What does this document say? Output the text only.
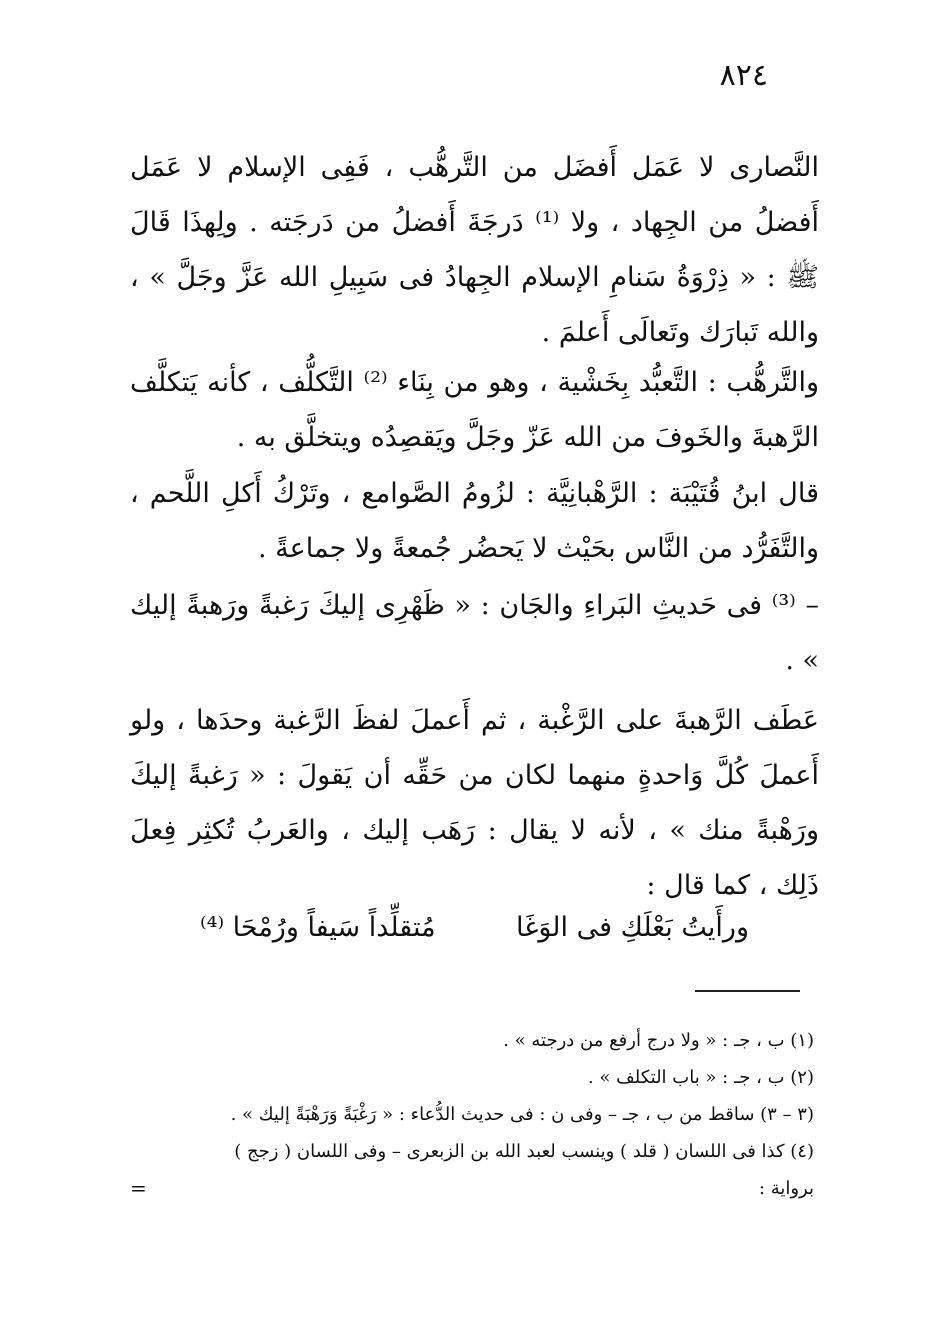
٨٢٤
النَّصارى لا عَمَل أَفضَل من التَّرهُّب ، فَفِى الإسلام لا عَمَل أَفضلُ من الجِهاد ، ولا ⁽¹⁾ دَرجَةَ أَفضلُ من دَرجَته . ولِهذَا قَالَ ﷺ : « ذِرْوَةُ سَنامِ الإسلام الجِهادُ فى سَبِيلِ الله عَزَّ وجَلَّ » ، والله تَبارَك وتَعالَى أَعلمَ .
والتَّرهُّب : التَّعبُّد بِخَشْية ، وهو من بِنَاء ⁽²⁾ التَّكلُّف ، كأنه يَتكلَّف الرَّهبةَ والخَوفَ من الله عَزّ وجَلَّ ويَقصِدُه ويتخلَّق به .
قال ابنُ قُتَيْبَة : الرَّهْبانِيَّة : لزُومُ الصَّوامع ، وتَرْكُ أَكلِ اللَّحم ، والتَّفَرُّد من النَّاس بحَيْث لا يَحضُر جُمعةً ولا جماعةً .
– ⁽³⁾ فى حَديثِ البَراءِ والجَان : « ظَهْرِى إليكَ رَغبةً ورَهبةً إليك » .
عَطَف الرَّهبةَ على الرَّغْبة ، ثم أَعملَ لفظَ الرَّغبة وحدَها ، ولو أَعملَ كُلَّ وَاحدةٍ منهما لكان من حَقِّه أن يَقولَ : « رَغبةً إليكَ ورَهْبةً منك » ، لأنه لا يقال : رَهَب إليك ، والعَربُ تُكثِر فِعلَ ذَلِك ، كما قال :
ورأَيتُ بَعْلَكِ فى الوَغَا
مُتقلِّداً سَيفاً ورُمْحَا ⁽⁴⁾
(١) ب ، جـ : « ولا درج أرفع من درجته » .
(٢) ب ، جـ : « باب التكلف » .
(٣ – ٣) ساقط من ب ، جـ – وفى ن : فى حديث الدُّعاء : « رَغْبَةً وَرَهْبَةً إليك » .
(٤) كذا فى اللسان ( قلد ) وينسب لعبد الله بن الزبعرى – وفى اللسان ( زجج )
برواية :
=
